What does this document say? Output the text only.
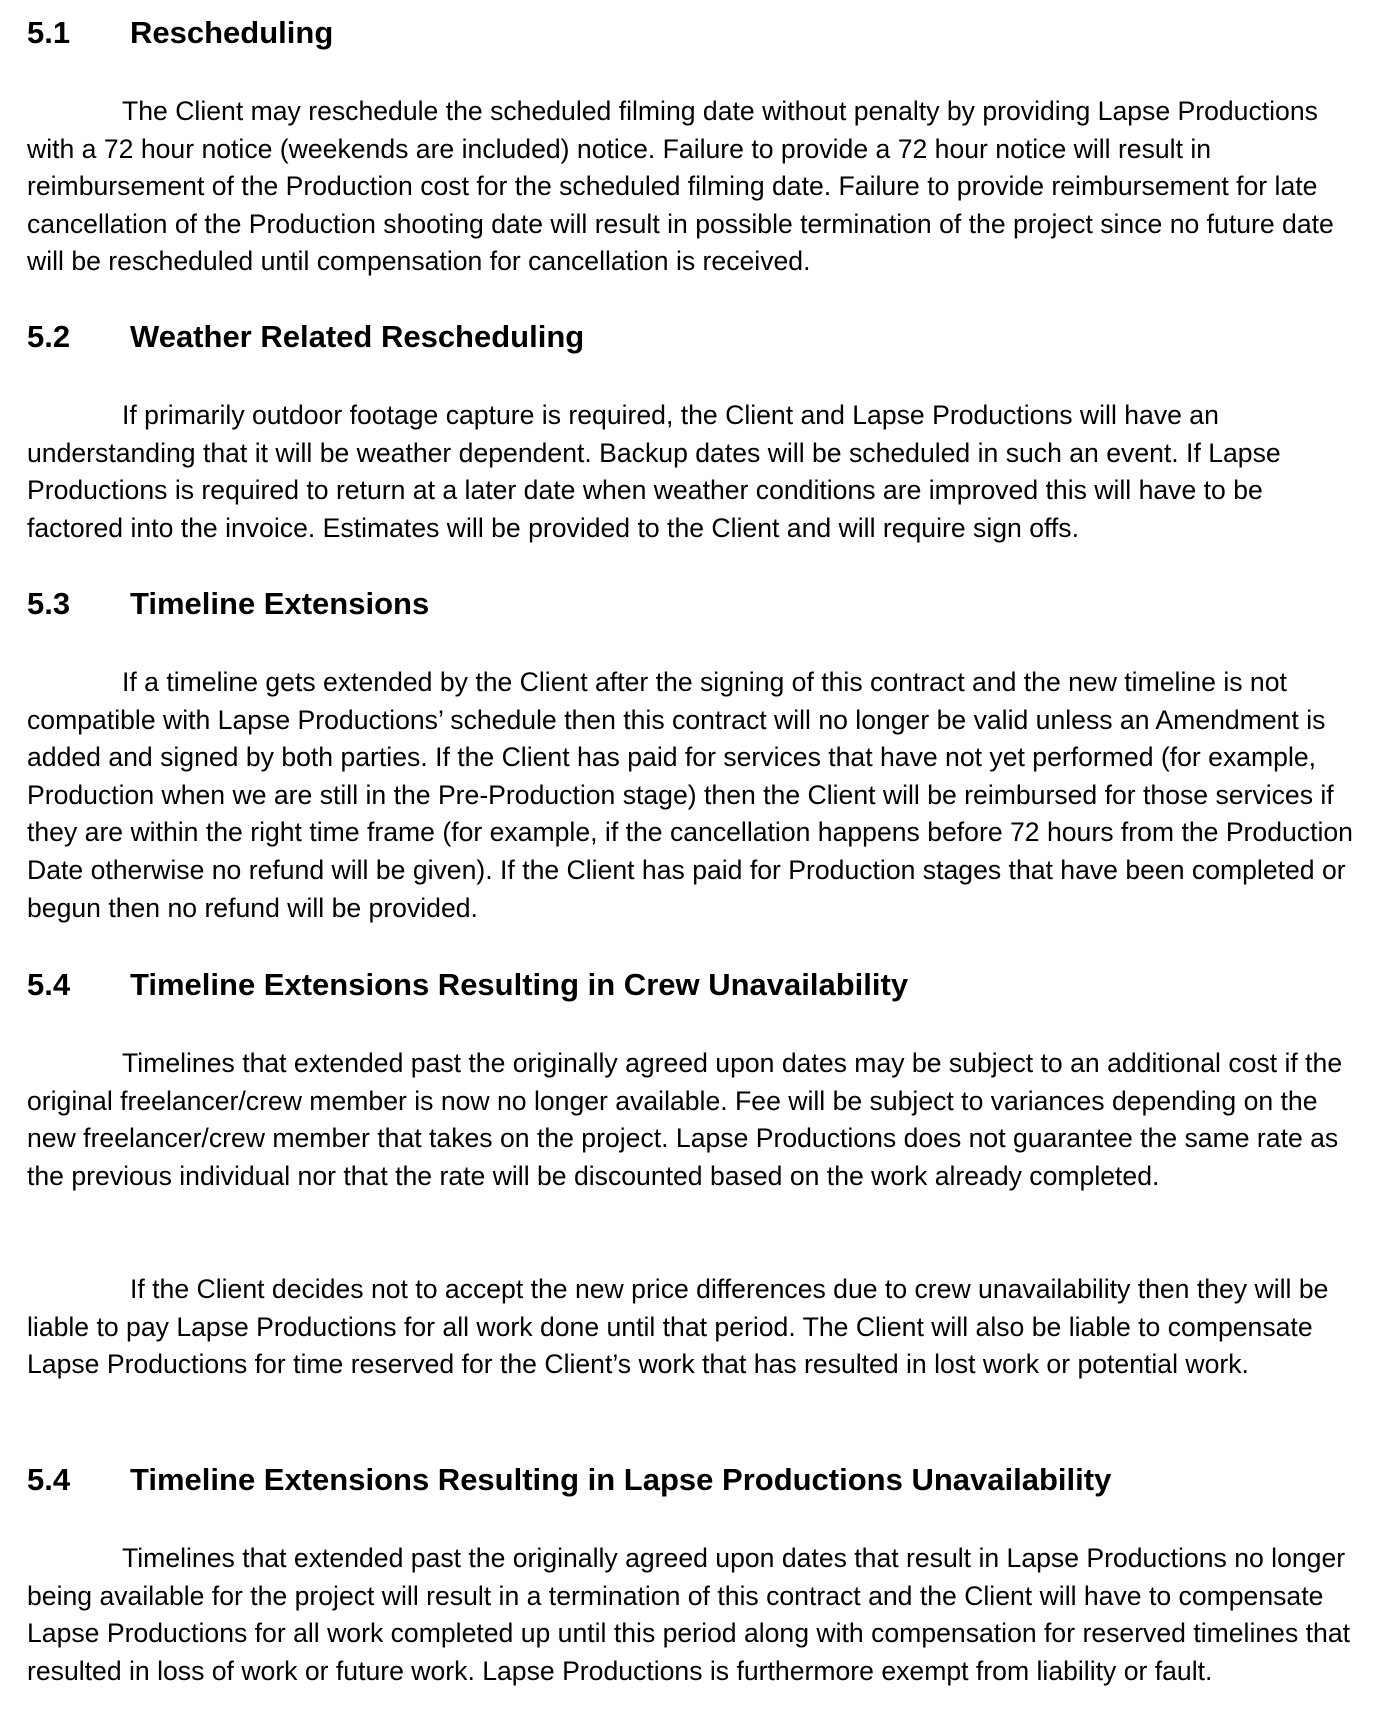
5.1 Rescheduling

The Client may reschedule the scheduled filming date without penalty by providing Lapse Productions with a 72 hour notice (weekends are included) notice. Failure to provide a 72 hour notice will result in reimbursement of the Production cost for the scheduled filming date. Failure to provide reimbursement for late cancellation of the Production shooting date will result in possible termination of the project since no future date will be rescheduled until compensation for cancellation is received.

5.2 Weather Related Rescheduling

If primarily outdoor footage capture is required, the Client and Lapse Productions will have an understanding that it will be weather dependent. Backup dates will be scheduled in such an event. If Lapse Productions is required to return at a later date when weather conditions are improved this will have to be factored into the invoice. Estimates will be provided to the Client and will require sign offs.

5.3 Timeline Extensions

If a timeline gets extended by the Client after the signing of this contract and the new timeline is not compatible with Lapse Productions’ schedule then this contract will no longer be valid unless an Amendment is added and signed by both parties. If the Client has paid for services that have not yet performed (for example, Production when we are still in the Pre-Production stage) then the Client will be reimbursed for those services if they are within the right time frame (for example, if the cancellation happens before 72 hours from the Production Date otherwise no refund will be given). If the Client has paid for Production stages that have been completed or begun then no refund will be provided.

5.4 Timeline Extensions Resulting in Crew Unavailability

Timelines that extended past the originally agreed upon dates may be subject to an additional cost if the original freelancer/crew member is now no longer available. Fee will be subject to variances depending on the new freelancer/crew member that takes on the project. Lapse Productions does not guarantee the same rate as the previous individual nor that the rate will be discounted based on the work already completed.

If the Client decides not to accept the new price differences due to crew unavailability then they will be liable to pay Lapse Productions for all work done until that period. The Client will also be liable to compensate Lapse Productions for time reserved for the Client’s work that has resulted in lost work or potential work.

5.4 Timeline Extensions Resulting in Lapse Productions Unavailability

Timelines that extended past the originally agreed upon dates that result in Lapse Productions no longer being available for the project will result in a termination of this contract and the Client will have to compensate Lapse Productions for all work completed up until this period along with compensation for reserved timelines that resulted in loss of work or future work. Lapse Productions is furthermore exempt from liability or fault.
